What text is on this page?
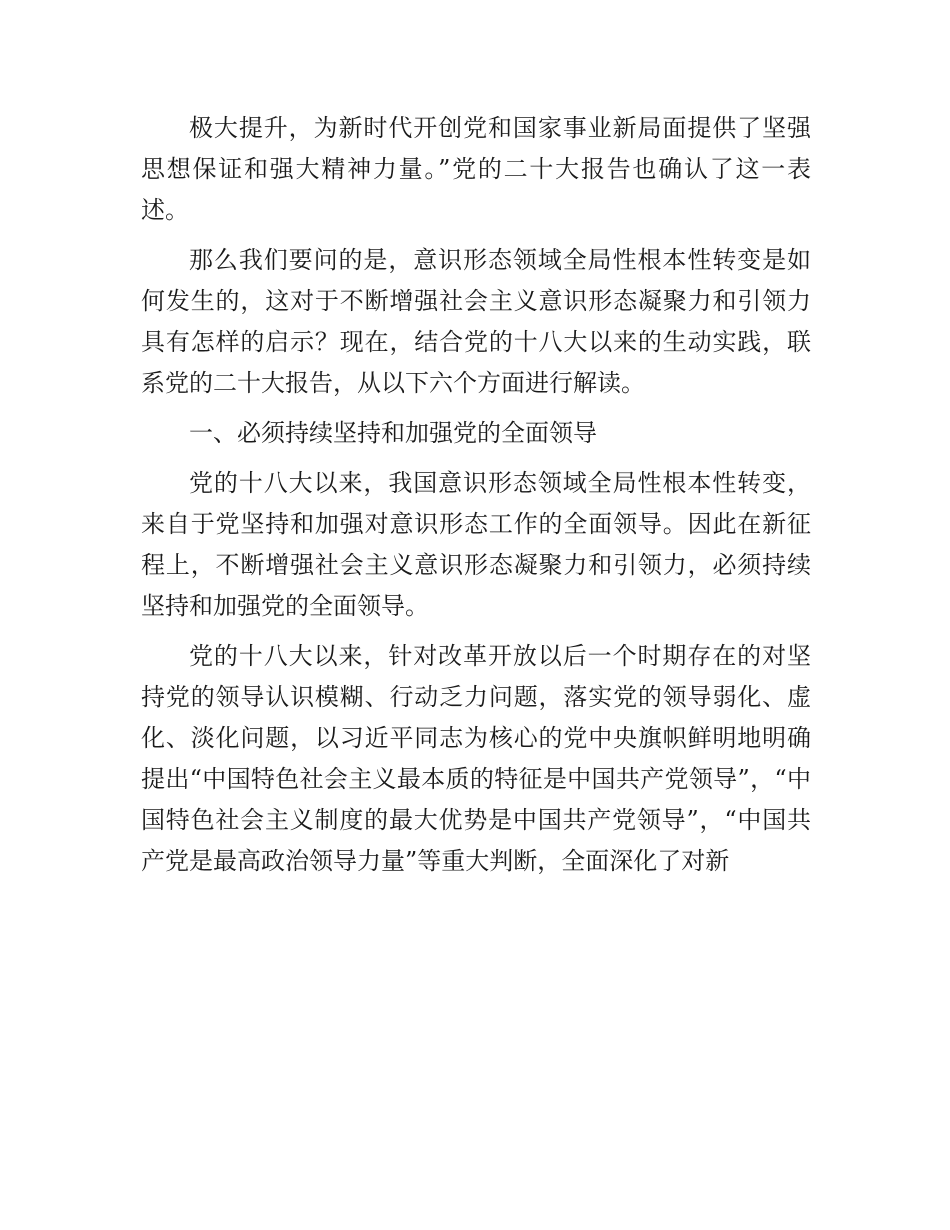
极大提升，为新时代开创党和国家事业新局面提供了坚强思想保证和强大精神力量。”党的二十大报告也确认了这一表述。

那么我们要问的是，意识形态领域全局性根本性转变是如何发生的，这对于不断增强社会主义意识形态凝聚力和引领力具有怎样的启示？现在，结合党的十八大以来的生动实践，联系党的二十大报告，从以下六个方面进行解读。

一、必须持续坚持和加强党的全面领导

党的十八大以来，我国意识形态领域全局性根本性转变，来自于党坚持和加强对意识形态工作的全面领导。因此在新征程上，不断增强社会主义意识形态凝聚力和引领力，必须持续坚持和加强党的全面领导。

党的十八大以来，针对改革开放以后一个时期存在的对坚持党的领导认识模糊、行动乏力问题，落实党的领导弱化、虚化、淡化问题，以习近平同志为核心的党中央旗帜鲜明地明确提出“中国特色社会主义最本质的特征是中国共产党领导”，“中国特色社会主义制度的最大优势是中国共产党领导”，“中国共产党是最高政治领导力量”等重大判断，全面深化了对新
